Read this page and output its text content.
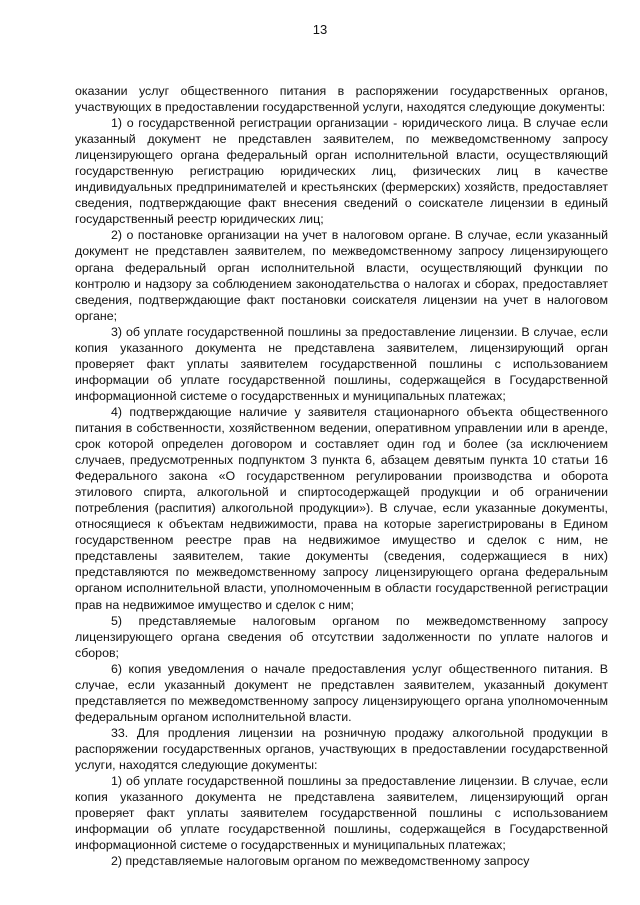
13

оказании услуг общественного питания в распоряжении государственных органов, участвующих в предоставлении государственной услуги, находятся следующие документы:

1) о государственной регистрации организации - юридического лица. В случае если указанный документ не представлен заявителем, по межведомственному запросу лицензирующего органа федеральный орган исполнительной власти, осуществляющий государственную регистрацию юридических лиц, физических лиц в качестве индивидуальных предпринимателей и крестьянских (фермерских) хозяйств, предоставляет сведения, подтверждающие факт внесения сведений о соискателе лицензии в единый государственный реестр юридических лиц;

2) о постановке организации на учет в налоговом органе. В случае, если указанный документ не представлен заявителем, по межведомственному запросу лицензирующего органа федеральный орган исполнительной власти, осуществляющий функции по контролю и надзору за соблюдением законодательства о налогах и сборах, предоставляет сведения, подтверждающие факт постановки соискателя лицензии на учет в налоговом органе;

3) об уплате государственной пошлины за предоставление лицензии. В случае, если копия указанного документа не представлена заявителем, лицензирующий орган проверяет факт уплаты заявителем государственной пошлины с использованием информации об уплате государственной пошлины, содержащейся в Государственной информационной системе о государственных и муниципальных платежах;

4) подтверждающие наличие у заявителя стационарного объекта общественного питания в собственности, хозяйственном ведении, оперативном управлении или в аренде, срок которой определен договором и составляет один год и более (за исключением случаев, предусмотренных подпунктом 3 пункта 6, абзацем девятым пункта 10 статьи 16 Федерального закона «О государственном регулировании производства и оборота этилового спирта, алкогольной и спиртосодержащей продукции и об ограничении потребления (распития) алкогольной продукции»). В случае, если указанные документы, относящиеся к объектам недвижимости, права на которые зарегистрированы в Едином государственном реестре прав на недвижимое имущество и сделок с ним, не представлены заявителем, такие документы (сведения, содержащиеся в них) представляются по межведомственному запросу лицензирующего органа федеральным органом исполнительной власти, уполномоченным в области государственной регистрации прав на недвижимое имущество и сделок с ним;

5) представляемые налоговым органом по межведомственному запросу лицензирующего органа сведения об отсутствии задолженности по уплате налогов и сборов;

6) копия уведомления о начале предоставления услуг общественного питания. В случае, если указанный документ не представлен заявителем, указанный документ представляется по межведомственному запросу лицензирующего органа уполномоченным федеральным органом исполнительной власти.

33. Для продления лицензии на розничную продажу алкогольной продукции в распоряжении государственных органов, участвующих в предоставлении государственной услуги, находятся следующие документы:

1) об уплате государственной пошлины за предоставление лицензии. В случае, если копия указанного документа не представлена заявителем, лицензирующий орган проверяет факт уплаты заявителем государственной пошлины с использованием информации об уплате государственной пошлины, содержащейся в Государственной информационной системе о государственных и муниципальных платежах;

2) представляемые налоговым органом по межведомственному запросу
